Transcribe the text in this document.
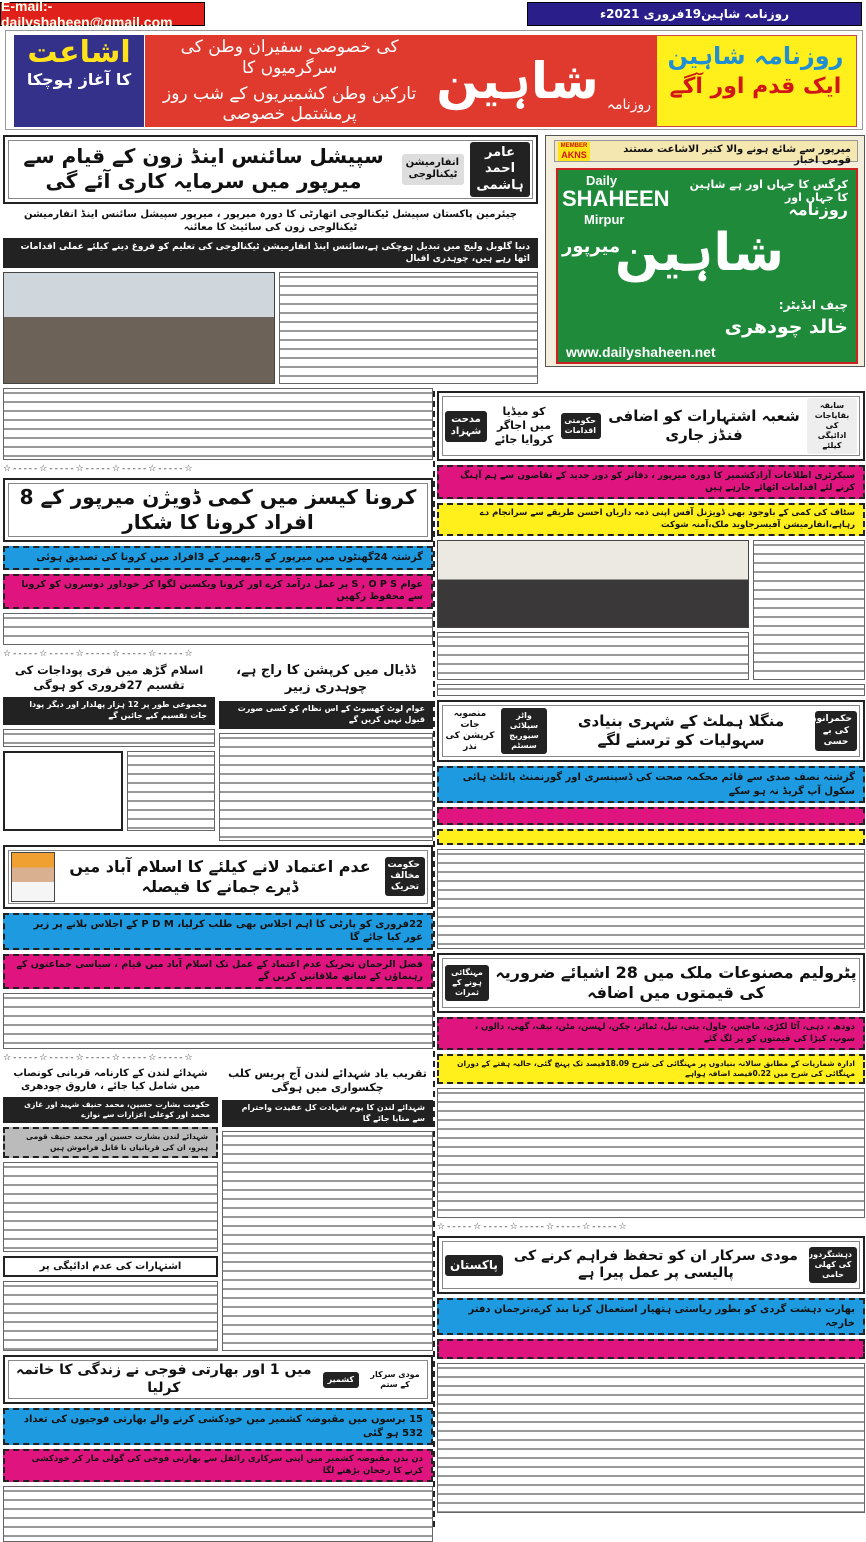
E-mail:- dailyshaheen@gmail.com	روزنامہ شاہین19فروری 2021ء
روزنامہ شاہین
ایک قدم اور آگے
روزنامہ
شاہین
کی خصوصی سفیران وطن کی سرگرمیوں کا
تارکین وطن کشمیریوں کے شب روز پرمشتمل خصوصی
اشاعت
کا آغاز ہوچکا
MEMBER
AKNS	میرپور سے شائع ہونے والا کثیر الاشاعت مستند قومی اخبار
Daily
SHAHEEN
Mirpur
کرگس کا جہاں اور ہے شاہین کا جہاں اور
روزنامہ
میرپور
شاہین
چیف ایڈیٹر:
خالد چودھری
www.dailyshaheen.net
عامر احمد ہاشمی
انفارمیشن ٹیکنالوجی
سپیشل سائنس اینڈ زون کے قیام سے میرپور میں سرمایہ کاری آئے گی
چیئرمین پاکستان سپیشل ٹیکنالوجی اتھارٹی کا دورہ میرپور ، میرپور سپیشل سائنس اینڈ انفارمیشن ٹیکنالوجی زون کی سائیٹ کا معائنہ
دنیا گلوبل ولیج میں تبدیل ہوچکی ہے،سائنس اینڈ انفارمیشن ٹیکنالوجی کی تعلیم کو فروغ دینے کیلئے عملی اقدامات اٹھا رہے ہیں، چوہدری اقبال
☆-----☆-----☆-----☆-----☆-----☆
کرونا کیسز میں کمی ڈویژن میرپور کے 8 افراد کرونا کا شکار
گزشتہ 24گھنٹوں میں میرپور کے 5،بھمبر کے 3افراد میں کرونا کی تصدیق ہوئی
عوام S , O P S پر عمل درآمد کرے اور کرونا ویکسین لگوا کر خوداور دوسروں کو کرونا سے محفوظ رکھیں
☆-----☆-----☆-----☆-----☆-----☆
اسلام گڑھ میں فری پوداجات کی تقسیم 27فروری کو ہوگی
مجموعی طور پر 12 ہزار پھلدار اور دیگر پودا جات تقسیم کیے جائیں گے
ڈڈیال میں کرپشن کا راج ہے، چوہدری زبیر
عوام لوٹ کھسوٹ کے اس نظام کو کسی صورت قبول نہیں کریں گے
حکومت مخالف تحریک
عدم اعتماد لانے کیلئے کا اسلام آباد میں ڈیرے جمانے کا فیصلہ
22فروری کو پارٹی کا اہم اجلاس بھی طلب کرلیا، P D M کے اجلاس بلانے پر زیر غور کیا جائے گا
فضل الرحمان تحریک عدم اعتماد کے عمل تک اسلام آباد میں قیام ، سیاسی جماعتوں کے رہنماؤں کے ساتھ ملاقاتیں کریں گے
☆-----☆-----☆-----☆-----☆-----☆
شہدائے لندن کے کارنامہ قربانی کونصاب میں شامل کیا جائے ، فاروق چودھری
حکومت بشارت حسین، محمد حنیف شہید اور غازی محمد اور کوعلی اعزازات سے نوازے
شہدائے لندن بشارت حسین اور محمد حنیف قومی ہیرو، ان کی قربانیاں نا قابل فراموش ہیں
اشتہارات کی عدم ادائیگی پر
تقریب یاد شہدائے لندن آج پریس کلب چکسواری میں ہوگی
شہدائے لندن کا یوم شہادت کل عقیدت واحترام سے منایا جائے گا
مودی سرکار کے ستم
کشمیر
میں 1 اور بھارتی فوجی نے زندگی کا خاتمہ کرلیا
15 برسوں میں مقبوضہ کشمیر میں خودکشی کرنے والے بھارتی فوجیوں کی تعداد 532 ہو گئی
دن بدن مقبوضہ کشمیر میں اپنی سرکاری رائفل سے بھارتی فوجی کی گولی مار کر خودکشی کرنے کا رجحان بڑھنے لگا
سابقہ بقایاجات کی ادائیگی کیلئے
شعبہ اشتہارات کو اضافی فنڈز جاری
حکومتی اقدامات
کو میڈیا میں اجاگر کروایا جائے
مدحت شہزاد
سیکرٹری اطلاعات آزادکشمیر کا دورہ میرپور ، دفاتر کو دور جدید کے تقاضوں سے ہم آہنگ کرنے لئے اقدامات اٹھائے جارہے ہیں
سٹاف کی کمی کے باوجود بھی ڈویژنل آفس اپنی ذمہ داریاں احسن طریقے سے سرانجام دے رہاہے،انفارمیشن آفیسرجاوید ملک،آمنہ شوکت
حکمرانوں کی بے حسی
منگلا ہملٹ کے شہری بنیادی سہولیات کو ترسنے لگے
واٹر سپلائی سیوریج سسٹم
منصوبہ جات کرپشن کی نذر
گزشتہ نصف صدی سے قائم محکمہ صحت کی ڈسپنسری اور گورنمنٹ پائلٹ ہائی سکول آپ گریڈ نہ ہو سکے
پٹرولیم مصنوعات ملک میں 28 اشیائے ضروریہ کی قیمتوں میں اضافہ
مہنگائی ہونے کے ثمرات
دودھ ، دہی، آٹا لکڑی، ماچس، چاول، پتی، تیل، ٹماٹر، چکن، لہسن، مٹن، بیف، گھی، دالوں ، سوپ، کپڑا کی قیمتوں کو پر لگ گئے
ادارہ شماریات کے مطابق سالانہ بنیادوں پر مہنگائی کی شرح 18.09فیصد تک پہنچ گئی، حالیہ ہفتے کے دوران مہنگائی کی شرح میں 0.22فیصد اضافہ ہواہے
☆-----☆-----☆-----☆-----☆-----☆
دہشتگردوں کی کھلی حامی
مودی سرکار ان کو تحفظ فراہم کرنے کی پالیسی پر عمل پیرا ہے
پاکستان
بھارت دہشت گردی کو بطور ریاستی ہتھیار استعمال کرنا بند کرے،ترجمان دفتر خارجہ
